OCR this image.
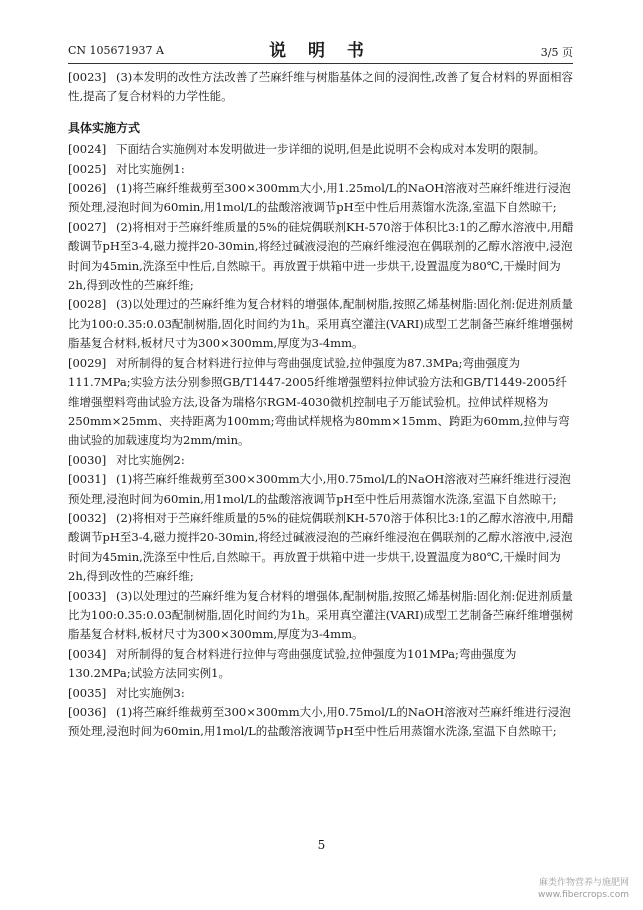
CN 105671937 A	说 明 书	3/5 页

[0023] (3)本发明的改性方法改善了苎麻纤维与树脂基体之间的浸润性,改善了复合材料的界面相容性,提高了复合材料的力学性能。

具体实施方式

[0024] 下面结合实施例对本发明做进一步详细的说明,但是此说明不会构成对本发明的限制。

[0025] 对比实施例1:

[0026] (1)将苎麻纤维裁剪至300×300mm大小,用1.25mol/L的NaOH溶液对苎麻纤维进行浸泡预处理,浸泡时间为60min,用1mol/L的盐酸溶液调节pH至中性后用蒸馏水洗涤,室温下自然晾干;

[0027] (2)将相对于苎麻纤维质量的5%的硅烷偶联剂KH-570溶于体积比3:1的乙醇水溶液中,用醋酸调节pH至3-4,磁力搅拌20-30min,将经过碱液浸泡的苎麻纤维浸泡在偶联剂的乙醇水溶液中,浸泡时间为45min,洗涤至中性后,自然晾干。再放置于烘箱中进一步烘干,设置温度为80℃,干燥时间为2h,得到改性的苎麻纤维;

[0028] (3)以处理过的苎麻纤维为复合材料的增强体,配制树脂,按照乙烯基树脂:固化剂:促进剂质量比为100:0.35:0.03配制树脂,固化时间约为1h。采用真空灌注(VARI)成型工艺制备苎麻纤维增强树脂基复合材料,板材尺寸为300×300mm,厚度为3-4mm。

[0029] 对所制得的复合材料进行拉伸与弯曲强度试验,拉伸强度为87.3MPa;弯曲强度为111.7MPa;实验方法分别参照GB/T1447-2005纤维增强塑料拉伸试验方法和GB/T1449-2005纤维增强塑料弯曲试验方法,设备为瑞格尔RGM-4030微机控制电子万能试验机。拉伸试样规格为250mm×25mm、夹持距离为100mm;弯曲试样规格为80mm×15mm、跨距为60mm,拉伸与弯曲试验的加载速度均为2mm/min。

[0030] 对比实施例2:

[0031] (1)将苎麻纤维裁剪至300×300mm大小,用0.75mol/L的NaOH溶液对苎麻纤维进行浸泡预处理,浸泡时间为60min,用1mol/L的盐酸溶液调节pH至中性后用蒸馏水洗涤,室温下自然晾干;

[0032] (2)将相对于苎麻纤维质量的5%的硅烷偶联剂KH-570溶于体积比3:1的乙醇水溶液中,用醋酸调节pH至3-4,磁力搅拌20-30min,将经过碱液浸泡的苎麻纤维浸泡在偶联剂的乙醇水溶液中,浸泡时间为45min,洗涤至中性后,自然晾干。再放置于烘箱中进一步烘干,设置温度为80℃,干燥时间为2h,得到改性的苎麻纤维;

[0033] (3)以处理过的苎麻纤维为复合材料的增强体,配制树脂,按照乙烯基树脂:固化剂:促进剂质量比为100:0.35:0.03配制树脂,固化时间约为1h。采用真空灌注(VARI)成型工艺制备苎麻纤维增强树脂基复合材料,板材尺寸为300×300mm,厚度为3-4mm。

[0034] 对所制得的复合材料进行拉伸与弯曲强度试验,拉伸强度为101MPa;弯曲强度为130.2MPa;试验方法同实例1。

[0035] 对比实施例3:

[0036] (1)将苎麻纤维裁剪至300×300mm大小,用0.75mol/L的NaOH溶液对苎麻纤维进行浸泡预处理,浸泡时间为60min,用1mol/L的盐酸溶液调节pH至中性后用蒸馏水洗涤,室温下自然晾干;

5
麻类作物营养与施肥网
www.fibercrops.com
